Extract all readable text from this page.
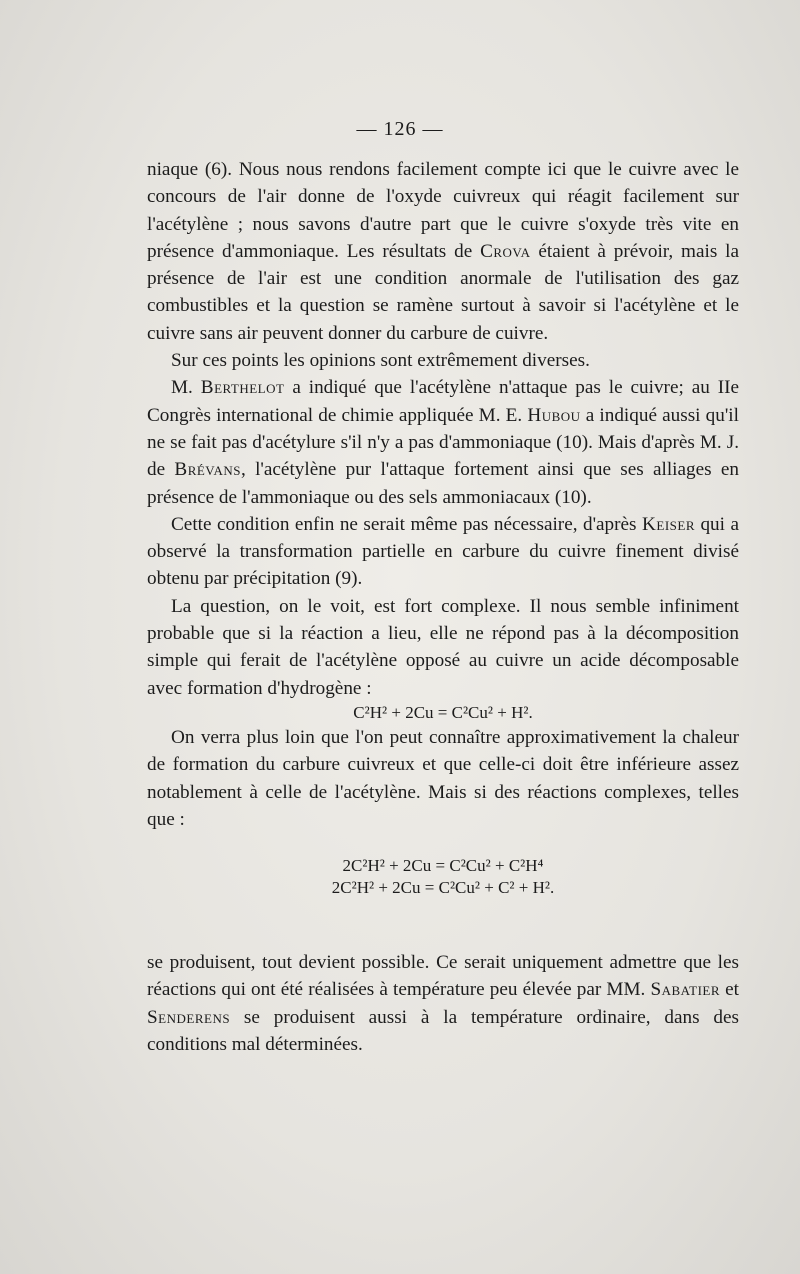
— 126 —

niaque (6). Nous nous rendons facilement compte ici que le cuivre avec le concours de l'air donne de l'oxyde cuivreux qui réagit facilement sur l'acétylène ; nous savons d'autre part que le cuivre s'oxyde très vite en présence d'ammoniaque. Les résultats de Crova étaient à prévoir, mais la présence de l'air est une condition anormale de l'utilisation des gaz combustibles et la question se ramène surtout à savoir si l'acétylène et le cuivre sans air peuvent donner du carbure de cuivre.

Sur ces points les opinions sont extrêmement diverses.

M. Berthelot a indiqué que l'acétylène n'attaque pas le cuivre; au IIe Congrès international de chimie appliquée M. E. Hubou a indiqué aussi qu'il ne se fait pas d'acétylure s'il n'y a pas d'ammoniaque (10). Mais d'après M. J. de Brévans, l'acétylène pur l'attaque fortement ainsi que ses alliages en présence de l'ammoniaque ou des sels ammoniacaux (10).

Cette condition enfin ne serait même pas nécessaire, d'après Keiser qui a observé la transformation partielle en carbure du cuivre finement divisé obtenu par précipitation (9).

La question, on le voit, est fort complexe. Il nous semble infiniment probable que si la réaction a lieu, elle ne répond pas à la décomposition simple qui ferait de l'acétylène opposé au cuivre un acide décomposable avec formation d'hydrogène :

C²H² + 2Cu = C²Cu² + H².

On verra plus loin que l'on peut connaître approximativement la chaleur de formation du carbure cuivreux et que celle-ci doit être inférieure assez notablement à celle de l'acétylène. Mais si des réactions complexes, telles que :

2C²H² + 2Cu = C²Cu² + C²H⁴

2C²H² + 2Cu = C²Cu² + C² + H².

se produisent, tout devient possible. Ce serait uniquement admettre que les réactions qui ont été réalisées à température peu élevée par MM. Sabatier et Senderens se produisent aussi à la température ordinaire, dans des conditions mal déterminées.
